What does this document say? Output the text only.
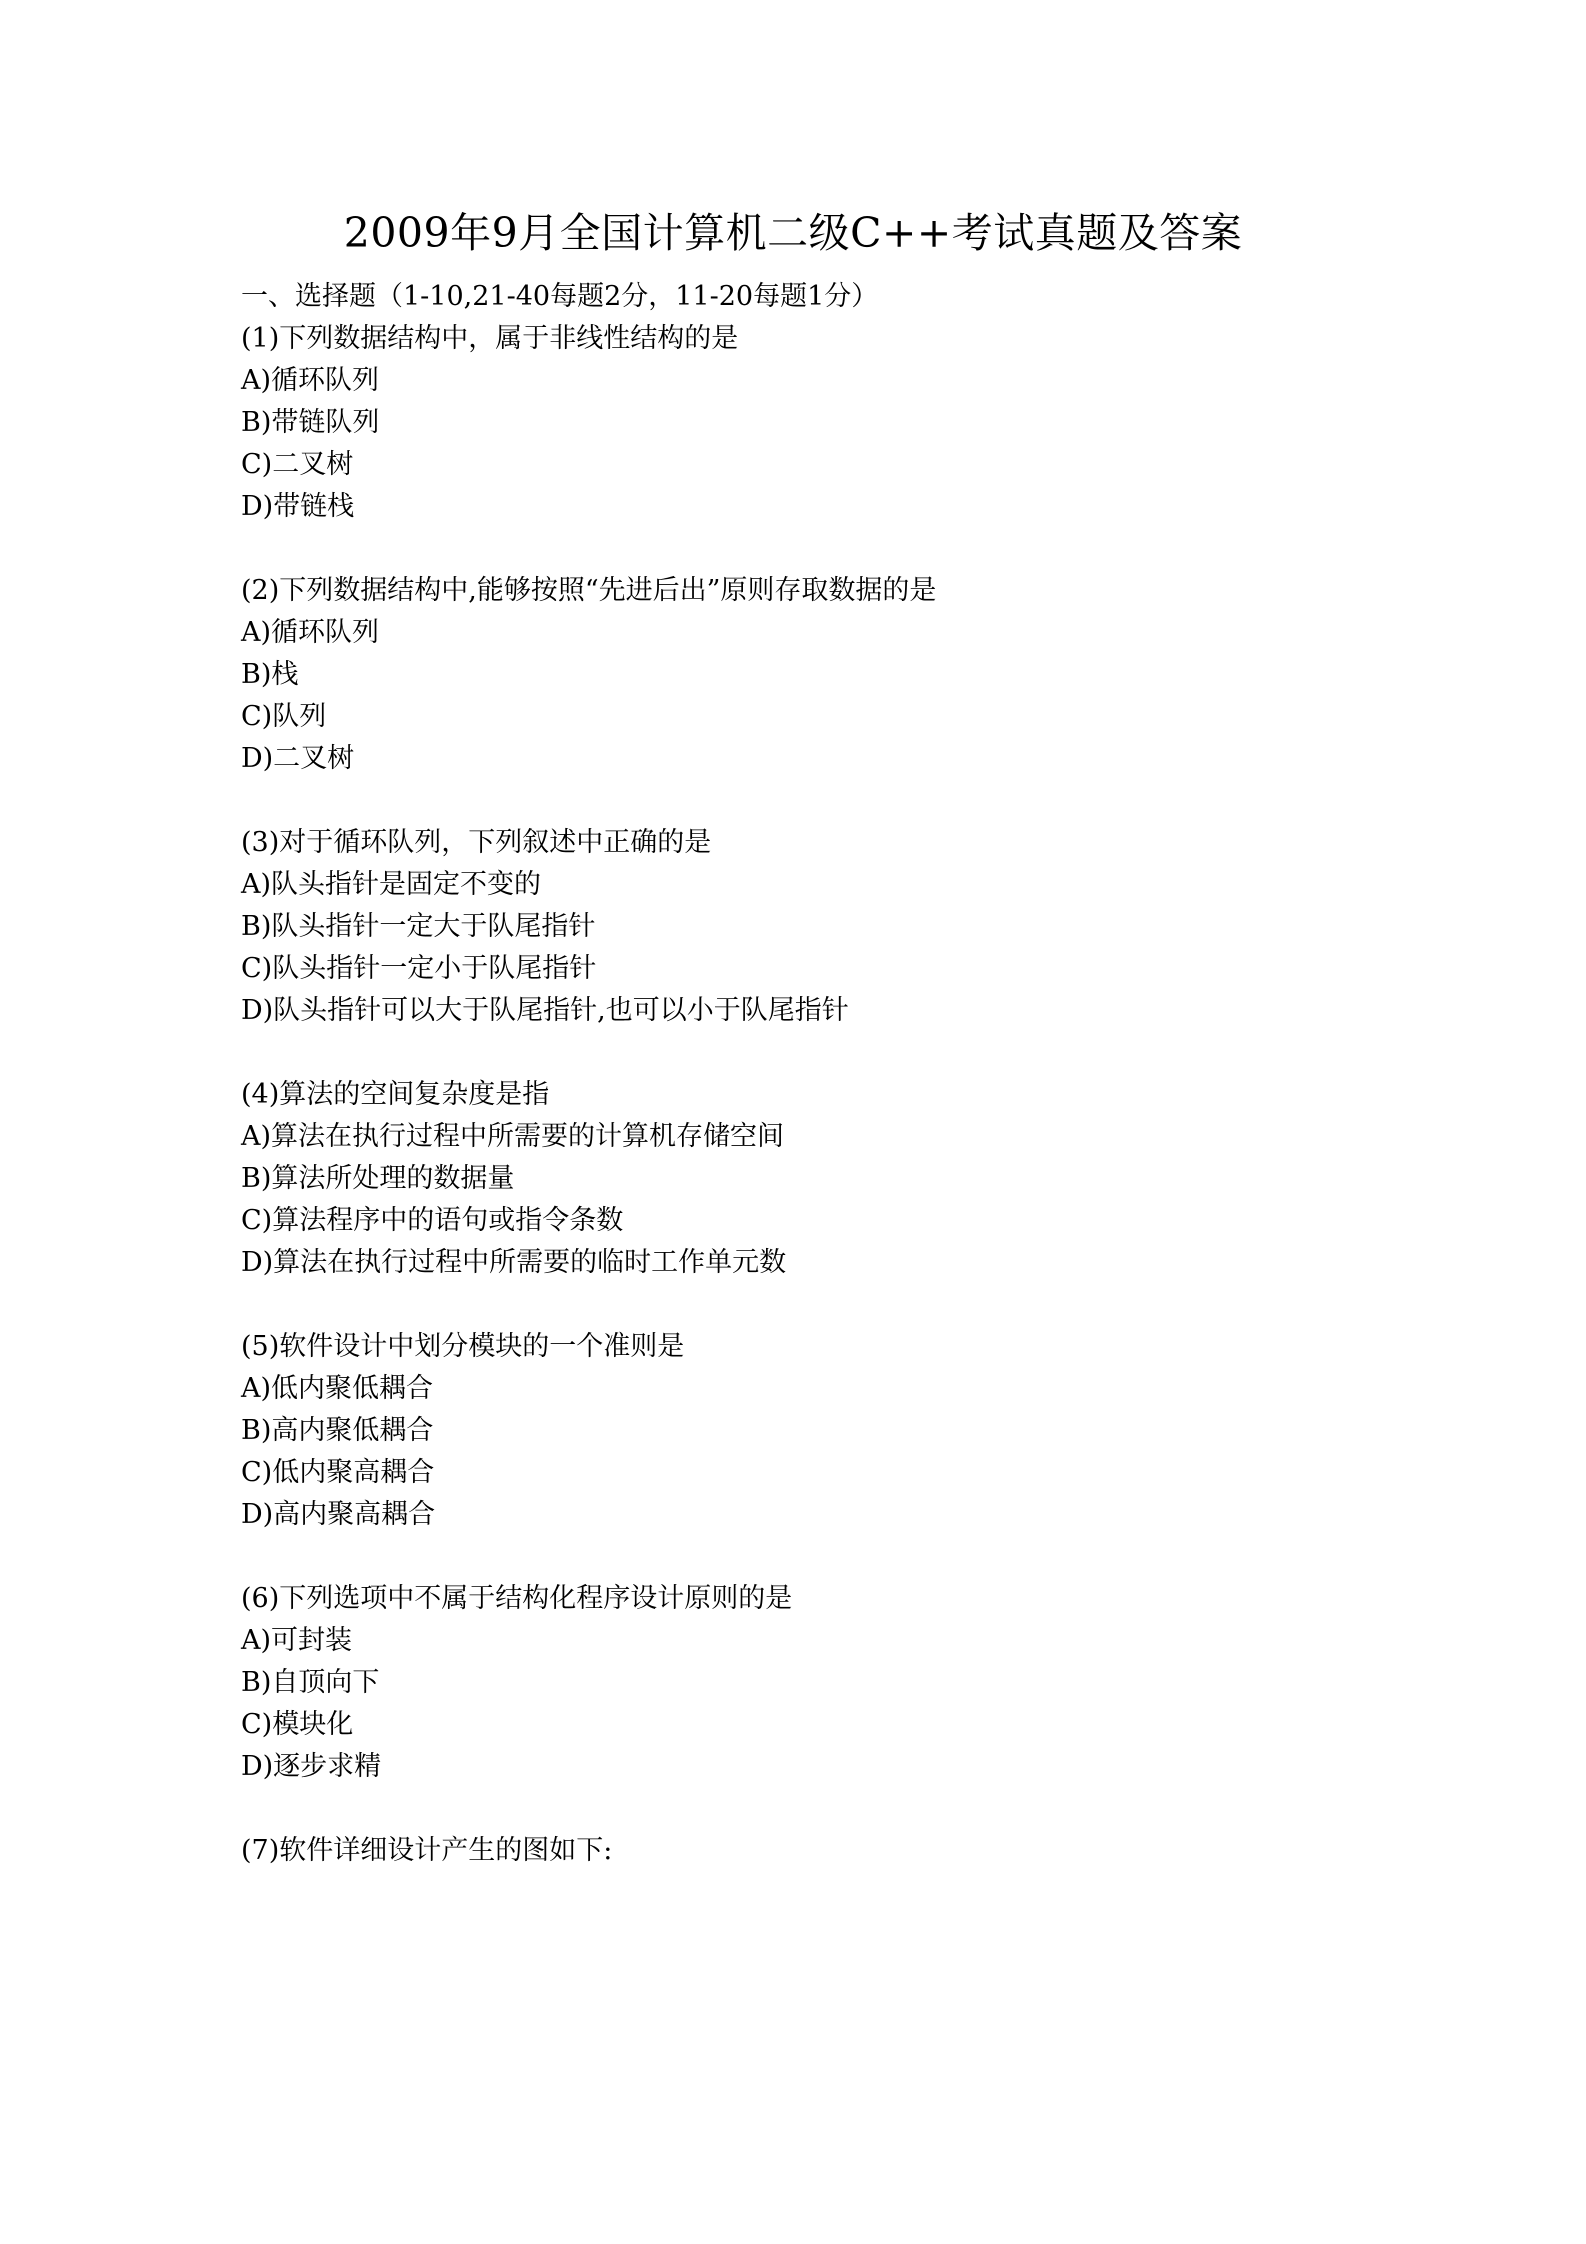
2009年9月全国计算机二级C++考试真题及答案
一、选择题（1-10,21-40每题2分，11-20每题1分）
(1)下列数据结构中，属于非线性结构的是
A)循环队列
B)带链队列
C)二叉树
D)带链栈
(2)下列数据结构中,能够按照“先进后出”原则存取数据的是
A)循环队列
B)栈
C)队列
D)二叉树
(3)对于循环队列，下列叙述中正确的是
A)队头指针是固定不变的
B)队头指针一定大于队尾指针
C)队头指针一定小于队尾指针
D)队头指针可以大于队尾指针,也可以小于队尾指针
(4)算法的空间复杂度是指
A)算法在执行过程中所需要的计算机存储空间
B)算法所处理的数据量
C)算法程序中的语句或指令条数
D)算法在执行过程中所需要的临时工作单元数
(5)软件设计中划分模块的一个准则是
A)低内聚低耦合
B)高内聚低耦合
C)低内聚高耦合
D)高内聚高耦合
(6)下列选项中不属于结构化程序设计原则的是
A)可封装
B)自顶向下
C)模块化
D)逐步求精
(7)软件详细设计产生的图如下:
